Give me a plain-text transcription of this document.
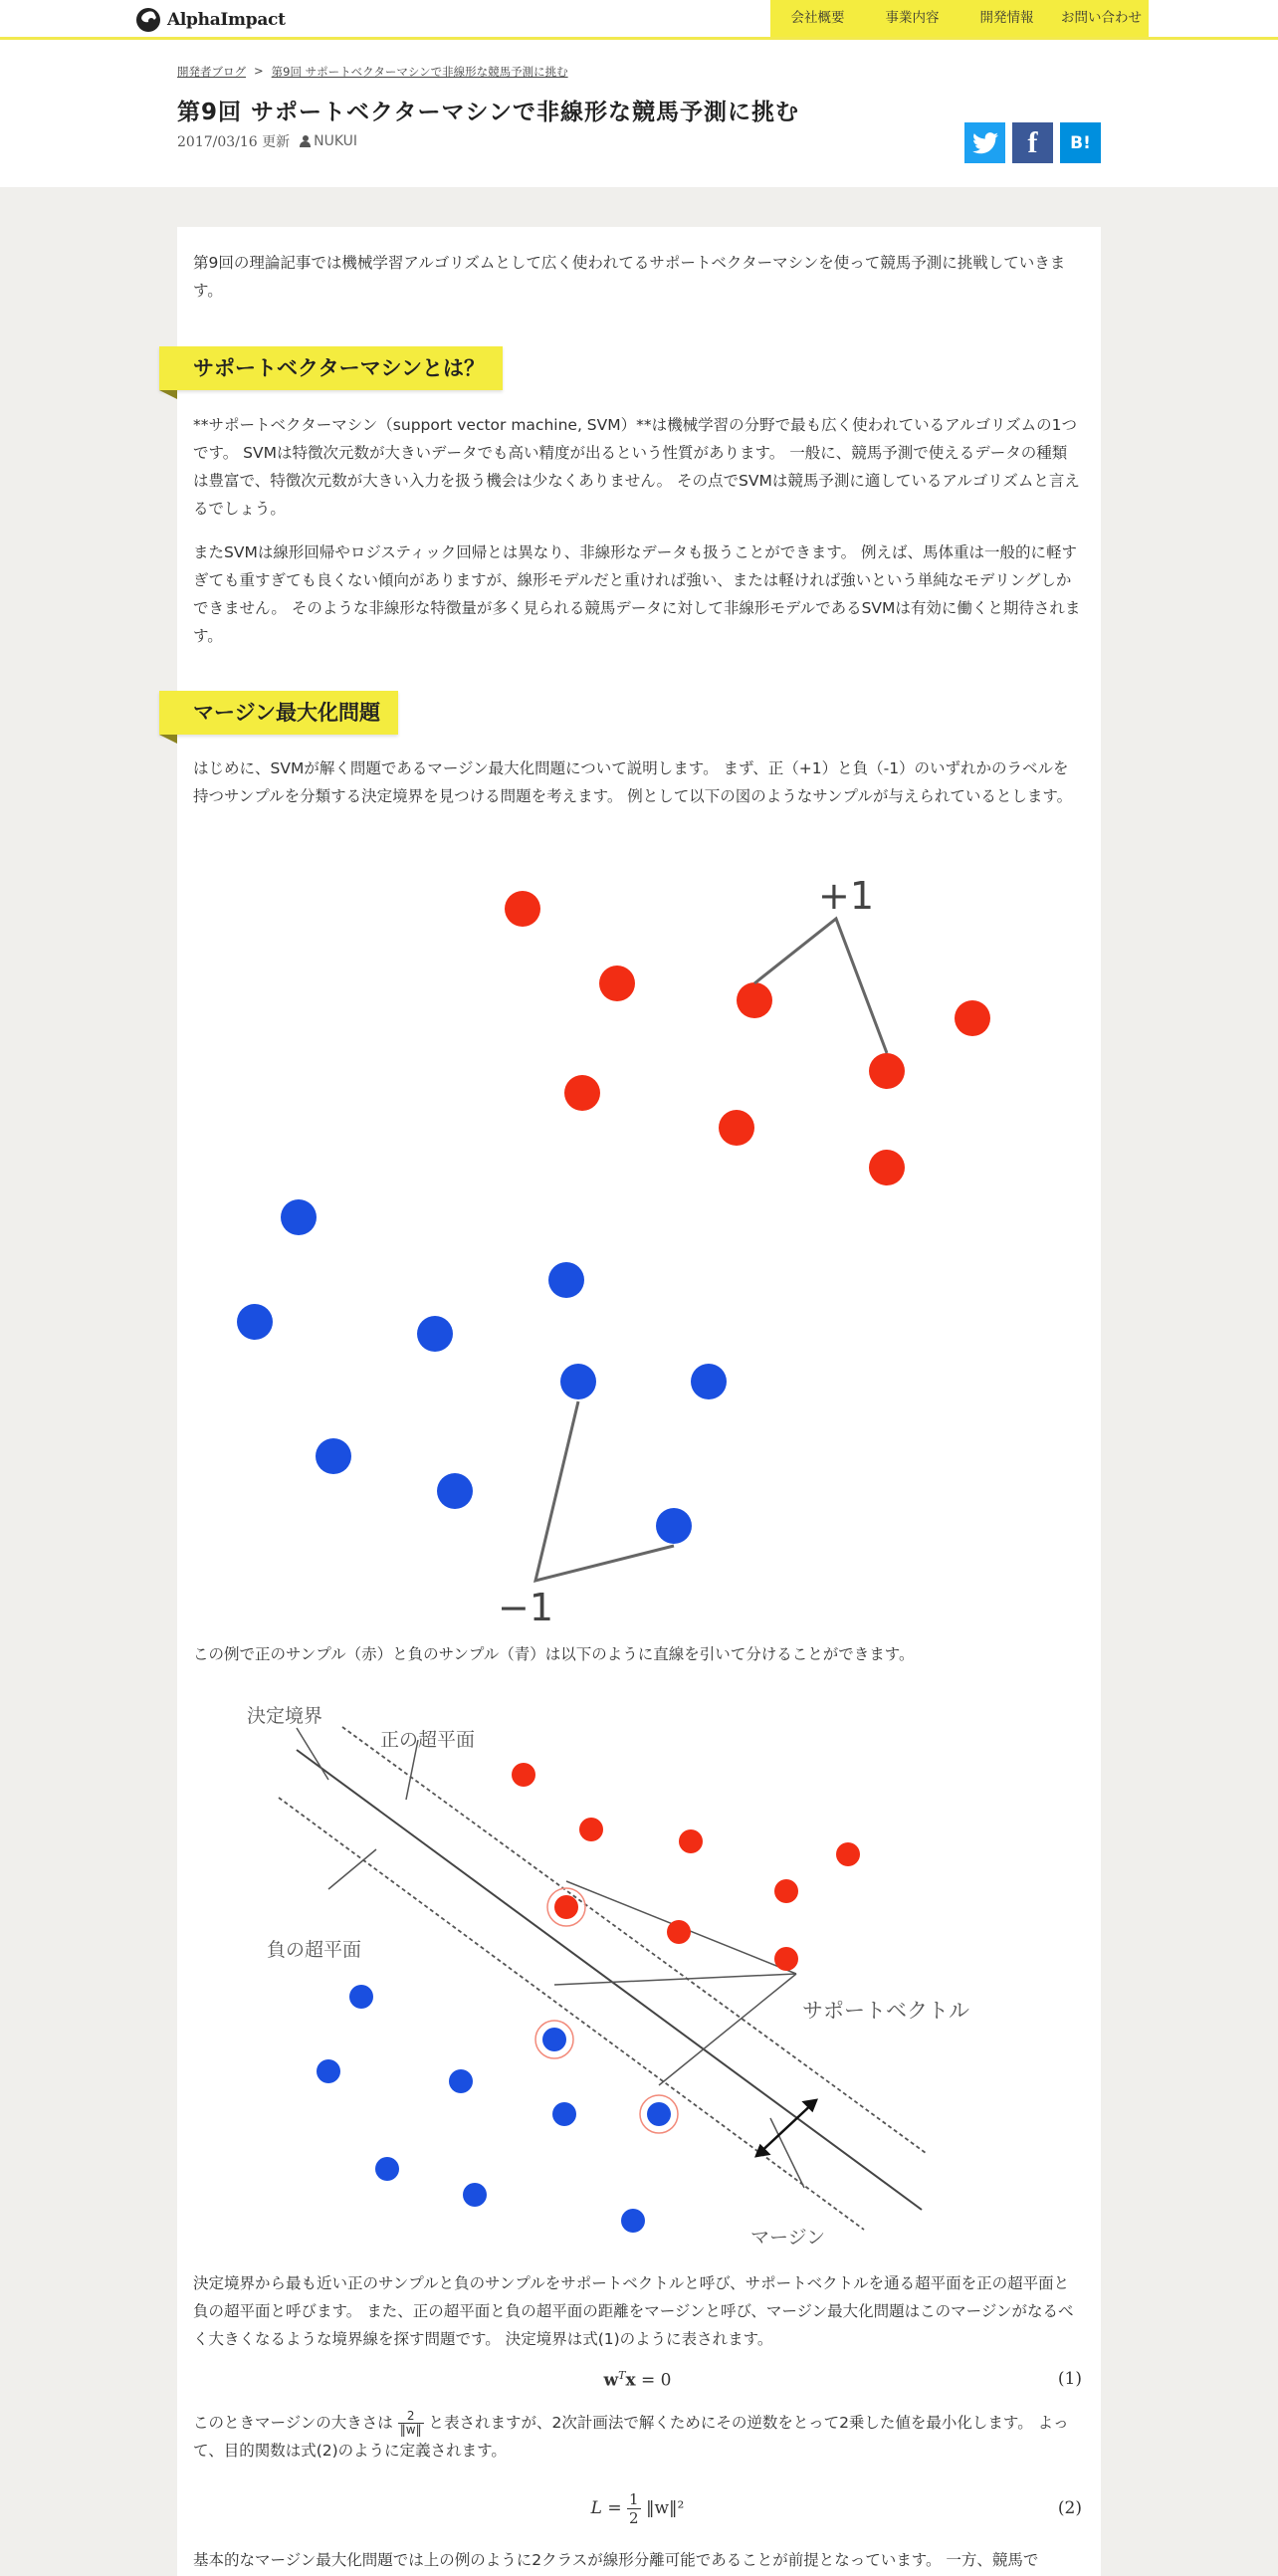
AlphaImpact	会社概要	事業内容	開発情報	お問い合わせ
開発者ブログ > 第9回 サポートベクターマシンで非線形な競馬予測に挑む
第9回 サポートベクターマシンで非線形な競馬予測に挑む
2017/03/16 更新 NUKUI	f B!

第9回の理論記事では機械学習アルゴリズムとして広く使われてるサポートベクターマシンを使って競馬予測に挑戦していきます。

サポートベクターマシンとは？

**サポートベクターマシン（support vector machine, SVM）**は機械学習の分野で最も広く使われているアルゴリズムの1つです。 SVMは特徴次元数が大きいデータでも高い精度が出るという性質があります。 一般に、競馬予測で使えるデータの種類は豊富で、特徴次元数が大きい入力を扱う機会は少なくありません。 その点でSVMは競馬予測に適しているアルゴリズムと言えるでしょう。

またSVMは線形回帰やロジスティック回帰とは異なり、非線形なデータも扱うことができます。 例えば、馬体重は一般的に軽すぎても重すぎても良くない傾向がありますが、線形モデルだと重ければ強い、または軽ければ強いという単純なモデリングしかできません。 そのような非線形な特徴量が多く見られる競馬データに対して非線形モデルであるSVMは有効に働くと期待されます。

マージン最大化問題

はじめに、SVMが解く問題であるマージン最大化問題について説明します。 まず、正（+1）と負（-1）のいずれかのラベルを持つサンプルを分類する決定境界を見つける問題を考えます。 例として以下の図のようなサンプルが与えられているとします。

+1
−1

この例で正のサンプル（赤）と負のサンプル（青）は以下のように直線を引いて分けることができます。

決定境界
正の超平面
負の超平面
サポートベクトル
マージン

決定境界から最も近い正のサンプルと負のサンプルをサポートベクトルと呼び、サポートベクトルを通る超平面を正の超平面と負の超平面と呼びます。 また、正の超平面と負の超平面の距離をマージンと呼び、マージン最大化問題はこのマージンがなるべく大きくなるような境界線を探す問題です。 決定境界は式(1)のように表されます。

$w^Tx = 0$	(1)

このときマージンの大きさは $\frac{2}{‖w‖}$ と表されますが、2次計画法で解くためにその逆数をとって2乗した値を最小化します。 よって、目的関数は式(2)のように定義されます。

$L = \frac{1}{2}$ ‖w‖²	(2)

基本的なマージン最大化問題では上の例のように2クラスが線形分離可能であることが前提となっています。 一方、競馬で
